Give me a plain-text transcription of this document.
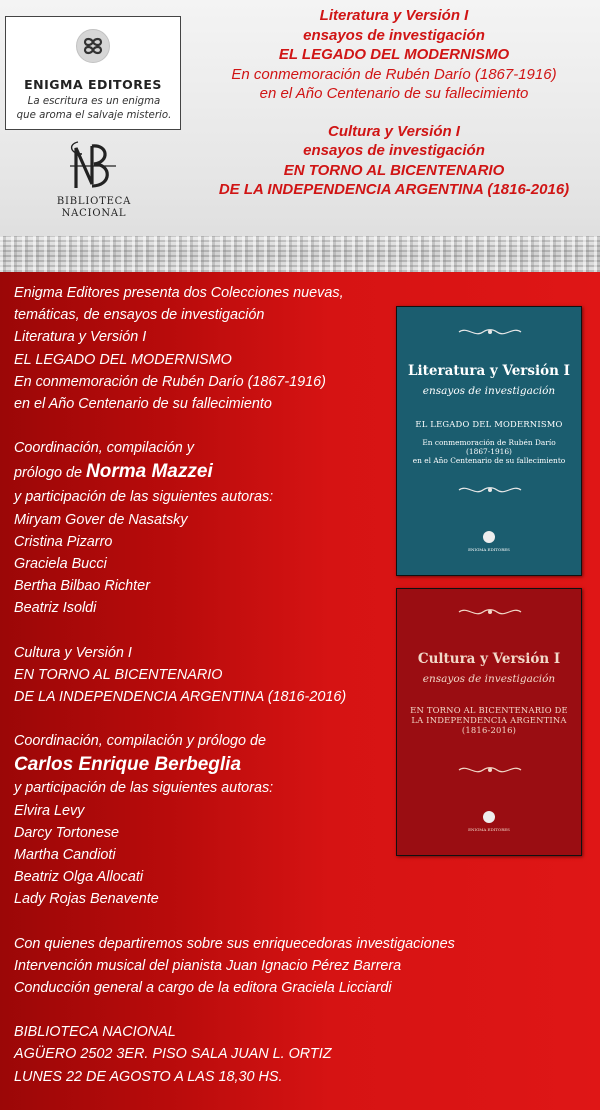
ENIGMA EDITORES
La escritura es un enigma
que aroma el salvaje misterio.
BIBLIOTECA
NACIONAL
Literatura y Versión I
ensayos de investigación
EL LEGADO DEL MODERNISMO
En conmemoración de Rubén Darío (1867-1916)
en el Año Centenario de su fallecimiento
Cultura y Versión I
ensayos de investigación
EN TORNO AL BICENTENARIO
DE LA INDEPENDENCIA ARGENTINA (1816-2016)
Enigma Editores presenta dos Colecciones nuevas,
temáticas, de ensayos de investigación
Literatura y Versión I
EL LEGADO DEL MODERNISMO
En conmemoración de Rubén Darío (1867-1916)
en el Año Centenario de su fallecimiento
Coordinación, compilación y
prólogo de Norma Mazzei
y participación de las siguientes autoras:
Miryam Gover de Nasatsky
Cristina Pizarro
Graciela Bucci
Bertha Bilbao Richter
Beatriz Isoldi
Cultura y Versión I
EN TORNO AL BICENTENARIO
DE LA INDEPENDENCIA ARGENTINA (1816-2016)
Coordinación, compilación y prólogo de
Carlos Enrique Berbeglia
y participación de las siguientes autoras:
Elvira Levy
Darcy Tortonese
Martha Candioti
Beatriz Olga Allocati
Lady Rojas Benavente
Con quienes departiremos sobre sus enriquecedoras investigaciones
Intervención musical del pianista Juan Ignacio Pérez Barrera
Conducción general a cargo de la editora Graciela Licciardi
BIBLIOTECA NACIONAL
AGÜERO 2502 3ER. PISO SALA JUAN L. ORTIZ
LUNES 22 DE AGOSTO A LAS 18,30 HS.
Literatura y Versión I
ensayos de investigación
EL LEGADO DEL MODERNISMO
En conmemoración de Rubén Darío
(1867-1916)
en el Año Centenario de su fallecimiento
ENIGMA EDITORES
Cultura y Versión I
ensayos de investigación
EN TORNO AL BICENTENARIO DE
LA INDEPENDENCIA ARGENTINA
(1816-2016)
ENIGMA EDITORES
